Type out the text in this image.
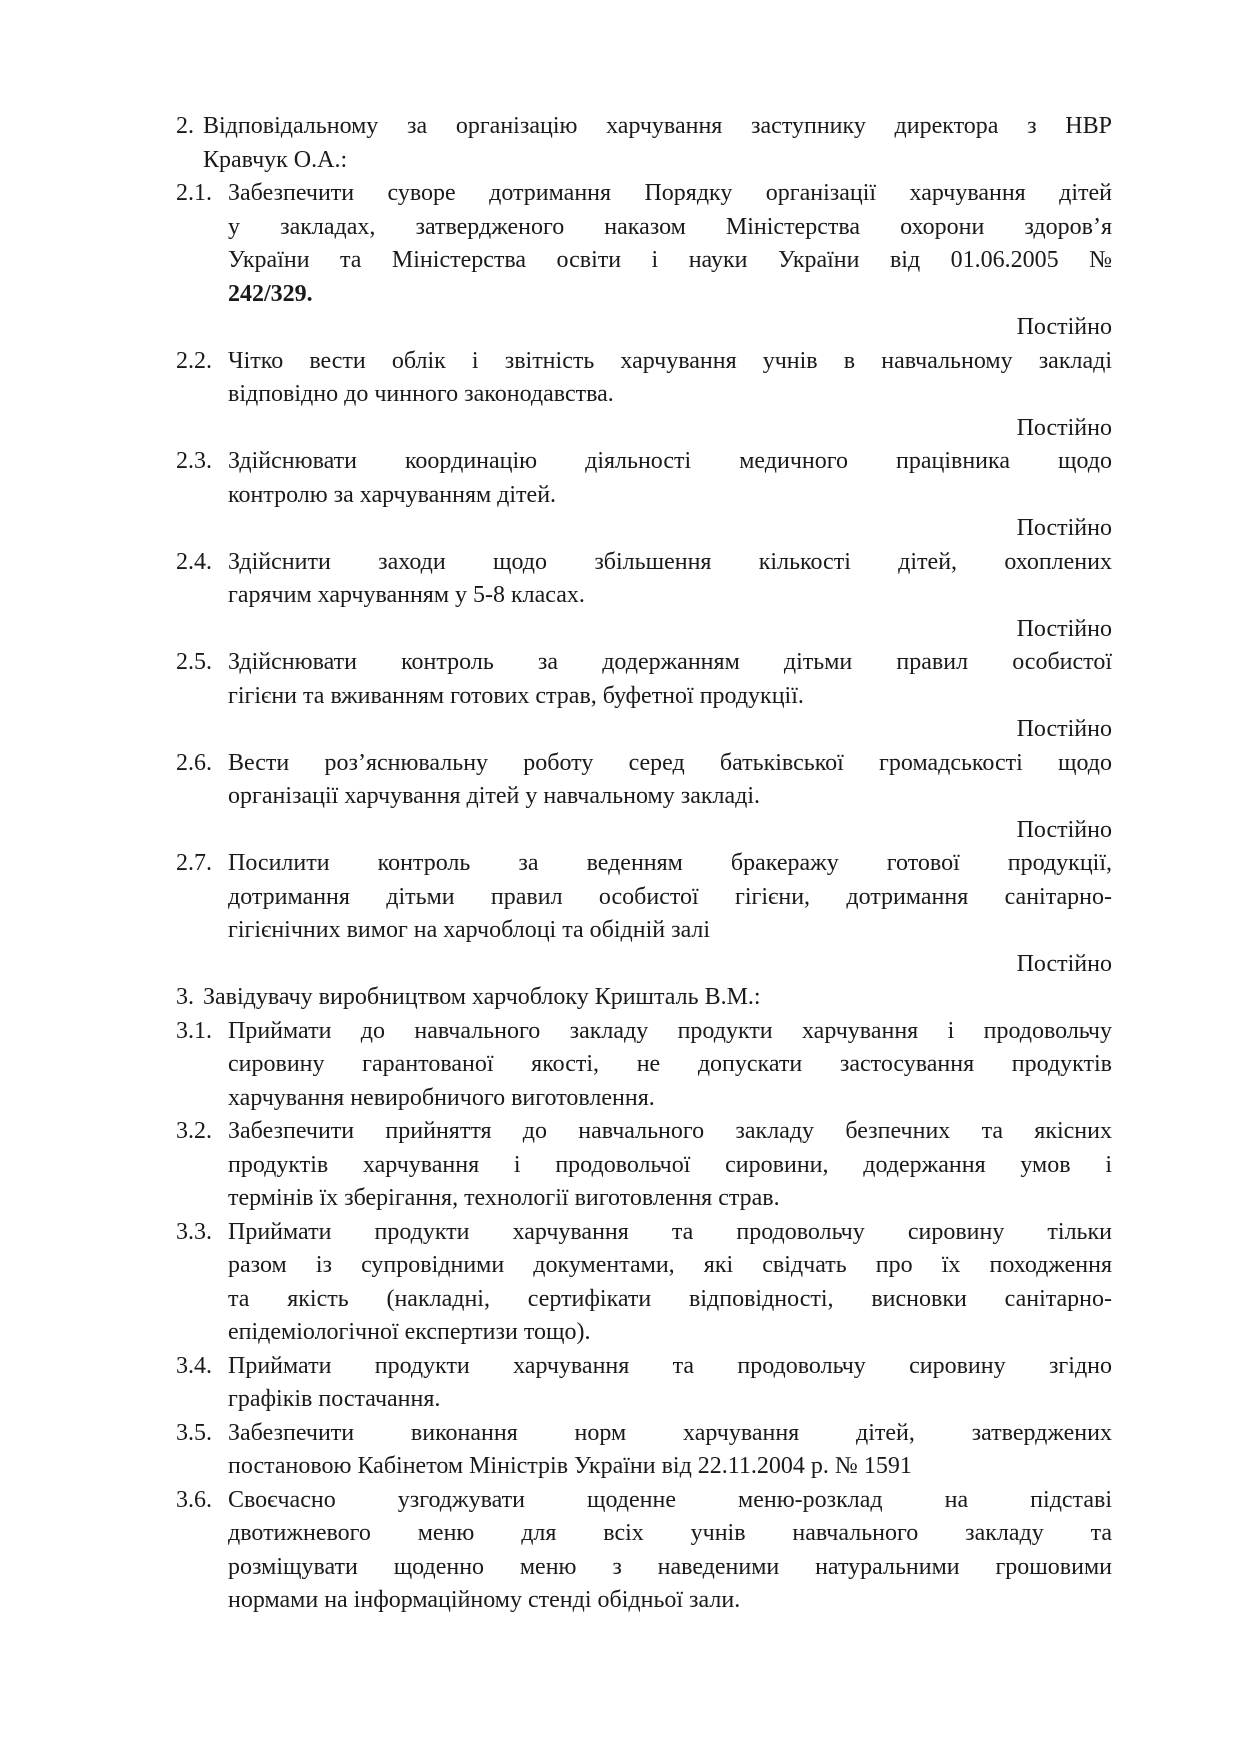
2. Відповідальному за організацію харчування заступнику директора з НВР
Кравчук О.А.:
2.1. Забезпечити суворе дотримання Порядку організації харчування дітей
у закладах, затвердженого наказом Міністерства охорони здоров’я
України та Міністерства освіти і науки України від 01.06.2005 №
242/329.
Постійно
2.2. Чітко вести облік і звітність харчування учнів в навчальному закладі
відповідно до чинного законодавства.
Постійно
2.3. Здійснювати координацію діяльності медичного працівника щодо
контролю за харчуванням дітей.
Постійно
2.4. Здійснити заходи щодо збільшення кількості дітей, охоплених
гарячим харчуванням у 5-8 класах.
Постійно
2.5. Здійснювати контроль за додержанням дітьми правил особистої
гігієни та вживанням готових страв, буфетної продукції.
Постійно
2.6. Вести роз’яснювальну роботу серед батьківської громадськості щодо
організації харчування дітей у навчальному закладі.
Постійно
2.7. Посилити контроль за веденням бракеражу готової продукції,
дотримання дітьми правил особистої гігієни, дотримання санітарно-
гігієнічних вимог на харчоблоці та обідній залі
Постійно
3. Завідувачу виробництвом харчоблоку Кришталь В.М.:
3.1. Приймати до навчального закладу продукти харчування і продовольчу
сировину гарантованої якості, не допускати застосування продуктів
харчування невиробничого виготовлення.
3.2. Забезпечити прийняття до навчального закладу безпечних та якісних
продуктів харчування і продовольчої сировини, додержання умов і
термінів їх зберігання, технології виготовлення страв.
3.3. Приймати продукти харчування та продовольчу сировину тільки
разом із супровідними документами, які свідчать про їх походження
та якість (накладні, сертифікати відповідності, висновки санітарно-
епідеміологічної експертизи тощо).
3.4. Приймати продукти харчування та продовольчу сировину згідно
графіків постачання.
3.5. Забезпечити виконання норм харчування дітей, затверджених
постановою Кабінетом Міністрів України від 22.11.2004 р. № 1591
3.6. Своєчасно узгоджувати щоденне меню-розклад на підставі
двотижневого меню для всіх учнів навчального закладу та
розміщувати щоденно меню з наведеними натуральними грошовими
нормами на інформаційному стенді обідньої зали.
